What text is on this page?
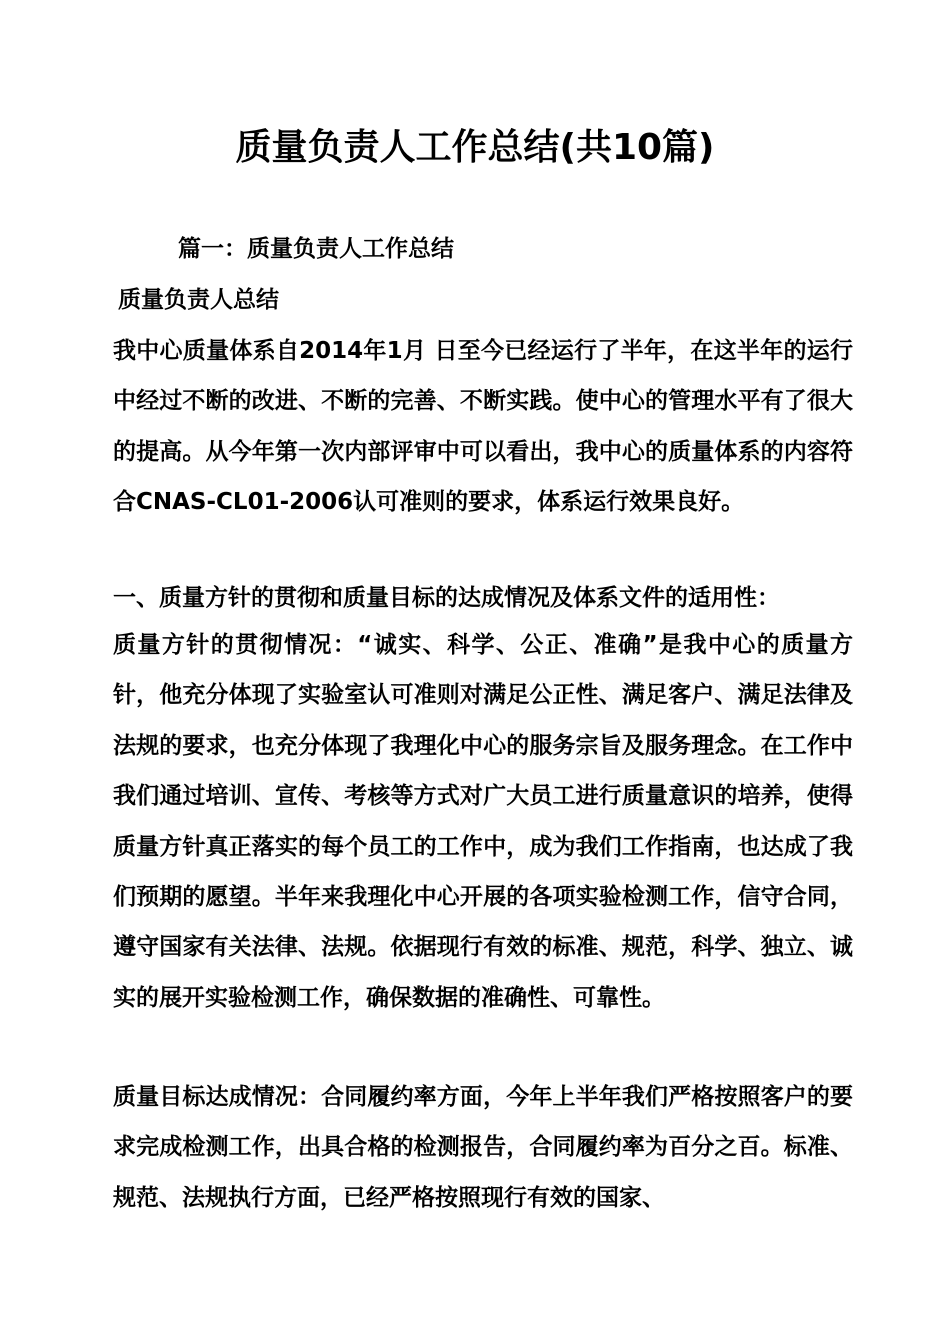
质量负责人工作总结(共10篇)
篇一：质量负责人工作总结
质量负责人总结

我中心质量体系自2014年1月 日至今已经运行了半年，在这半年的运行中经过不断的改进、不断的完善、不断实践。使中心的管理水平有了很大的提高。从今年第一次内部评审中可以看出，我中心的质量体系的内容符合CNAS-CL01-2006认可准则的要求，体系运行效果良好。

一、质量方针的贯彻和质量目标的达成情况及体系文件的适用性：

质量方针的贯彻情况：“诚实、科学、公正、准确”是我中心的质量方针，他充分体现了实验室认可准则对满足公正性、满足客户、满足法律及法规的要求，也充分体现了我理化中心的服务宗旨及服务理念。在工作中我们通过培训、宣传、考核等方式对广大员工进行质量意识的培养，使得质量方针真正落实的每个员工的工作中，成为我们工作指南，也达成了我们预期的愿望。半年来我理化中心开展的各项实验检测工作，信守合同，遵守国家有关法律、法规。依据现行有效的标准、规范，科学、独立、诚实的展开实验检测工作，确保数据的准确性、可靠性。

质量目标达成情况：合同履约率方面，今年上半年我们严格按照客户的要求完成检测工作，出具合格的检测报告，合同履约率为百分之百。标准、规范、法规执行方面，已经严格按照现行有效的国家、
